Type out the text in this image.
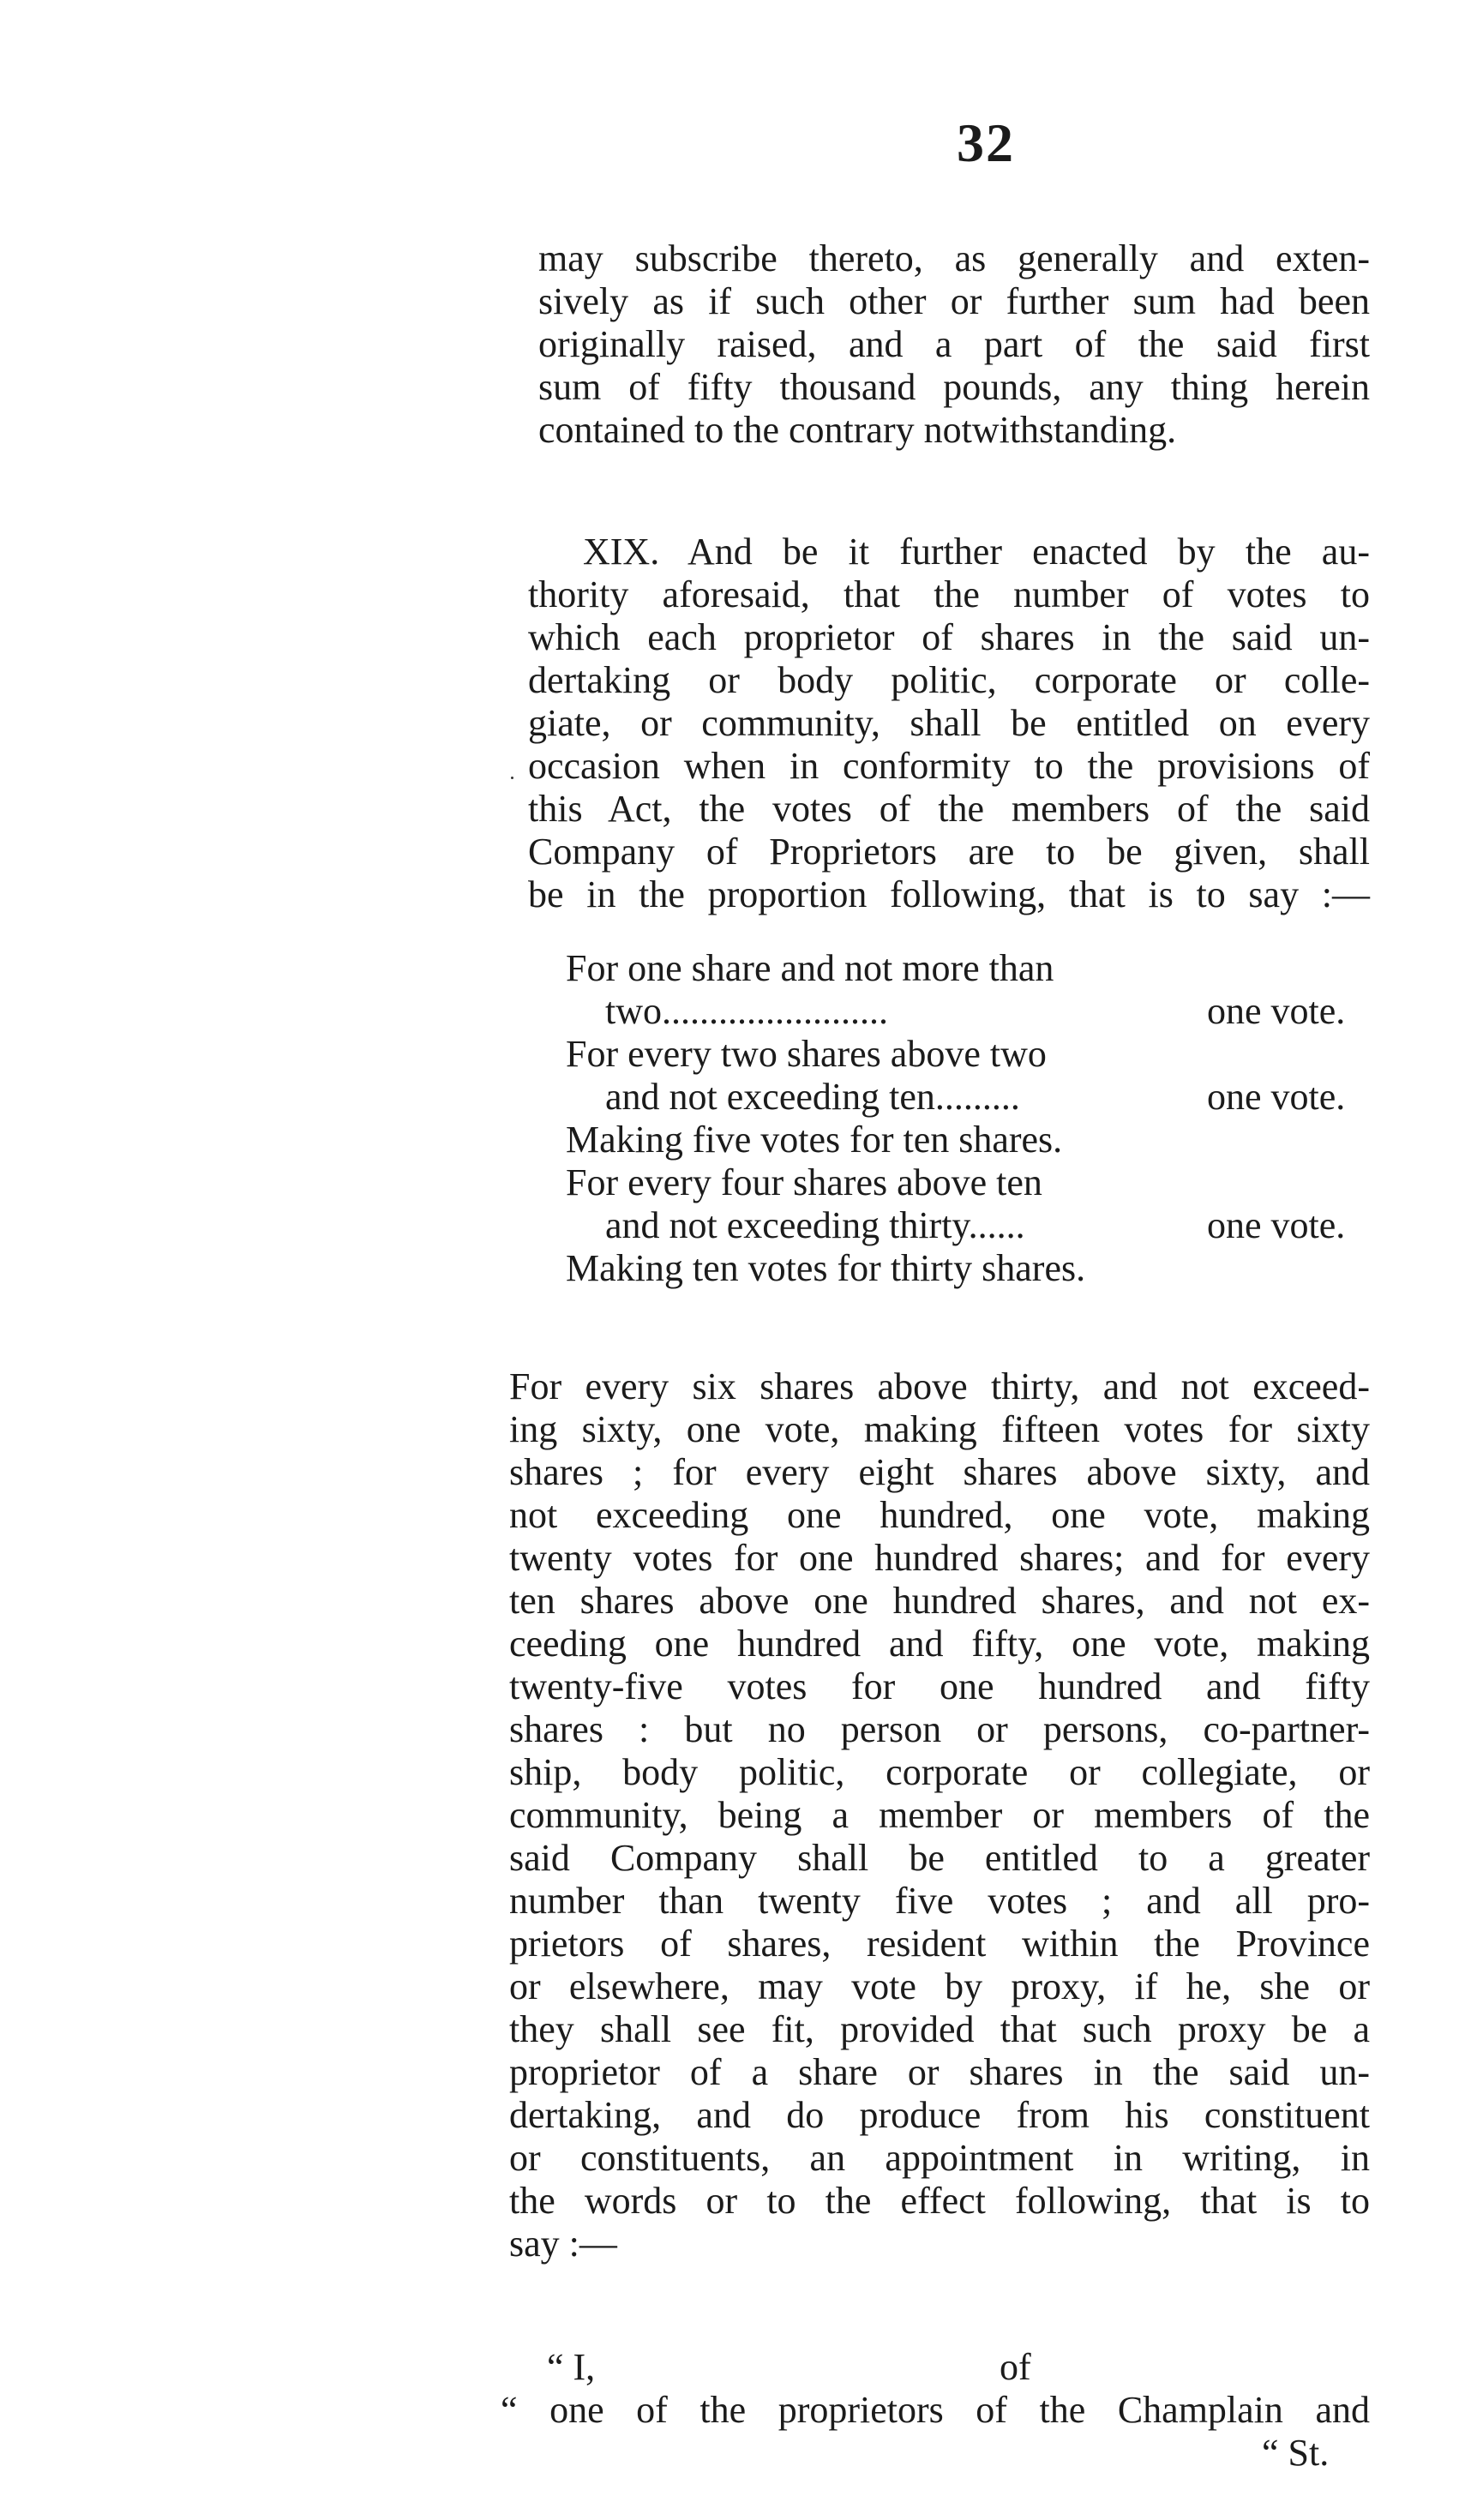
32
may subscribe thereto, as generally and exten-
sively as if such other or further sum had been
originally raised, and a part of the said first
sum of fifty thousand pounds, any thing herein
contained to the contrary notwithstanding.
XIX. And be it further enacted by the au-
thority aforesaid, that the number of votes to
which each proprietor of shares in the said un-
dertaking or body politic, corporate or colle-
giate, or community, shall be entitled on every
occasion when in conformity to the provisions of
this Act, the votes of the members of the said
Company of Proprietors are to be given, shall
be in the proportion following, that is to say :—
For one share and not more than
two........................	one vote.
For every two shares above two
and not exceeding ten.........	one vote.
Making five votes for ten shares.
For every four shares above ten
and not exceeding thirty......	one vote.
Making ten votes for thirty shares.
For every six shares above thirty, and not exceed-
ing sixty, one vote, making fifteen votes for sixty
shares ; for every eight shares above sixty, and
not exceeding one hundred, one vote, making
twenty votes for one hundred shares; and for every
ten shares above one hundred shares, and not ex-
ceeding one hundred and fifty, one vote, making
twenty-five votes for one hundred and fifty
shares : but no person or persons, co-partner-
ship, body politic, corporate or collegiate, or
community, being a member or members of the
said Company shall be entitled to a greater
number than twenty five votes ; and all pro-
prietors of shares, resident within the Province
or elsewhere, may vote by proxy, if he, she or
they shall see fit, provided that such proxy be a
proprietor of a share or shares in the said un-
dertaking, and do produce from his constituent
or constituents, an appointment in writing, in
the words or to the effect following, that is to
say :—
“ I,	of
“ one of the proprietors of the Champlain and
“ St.
